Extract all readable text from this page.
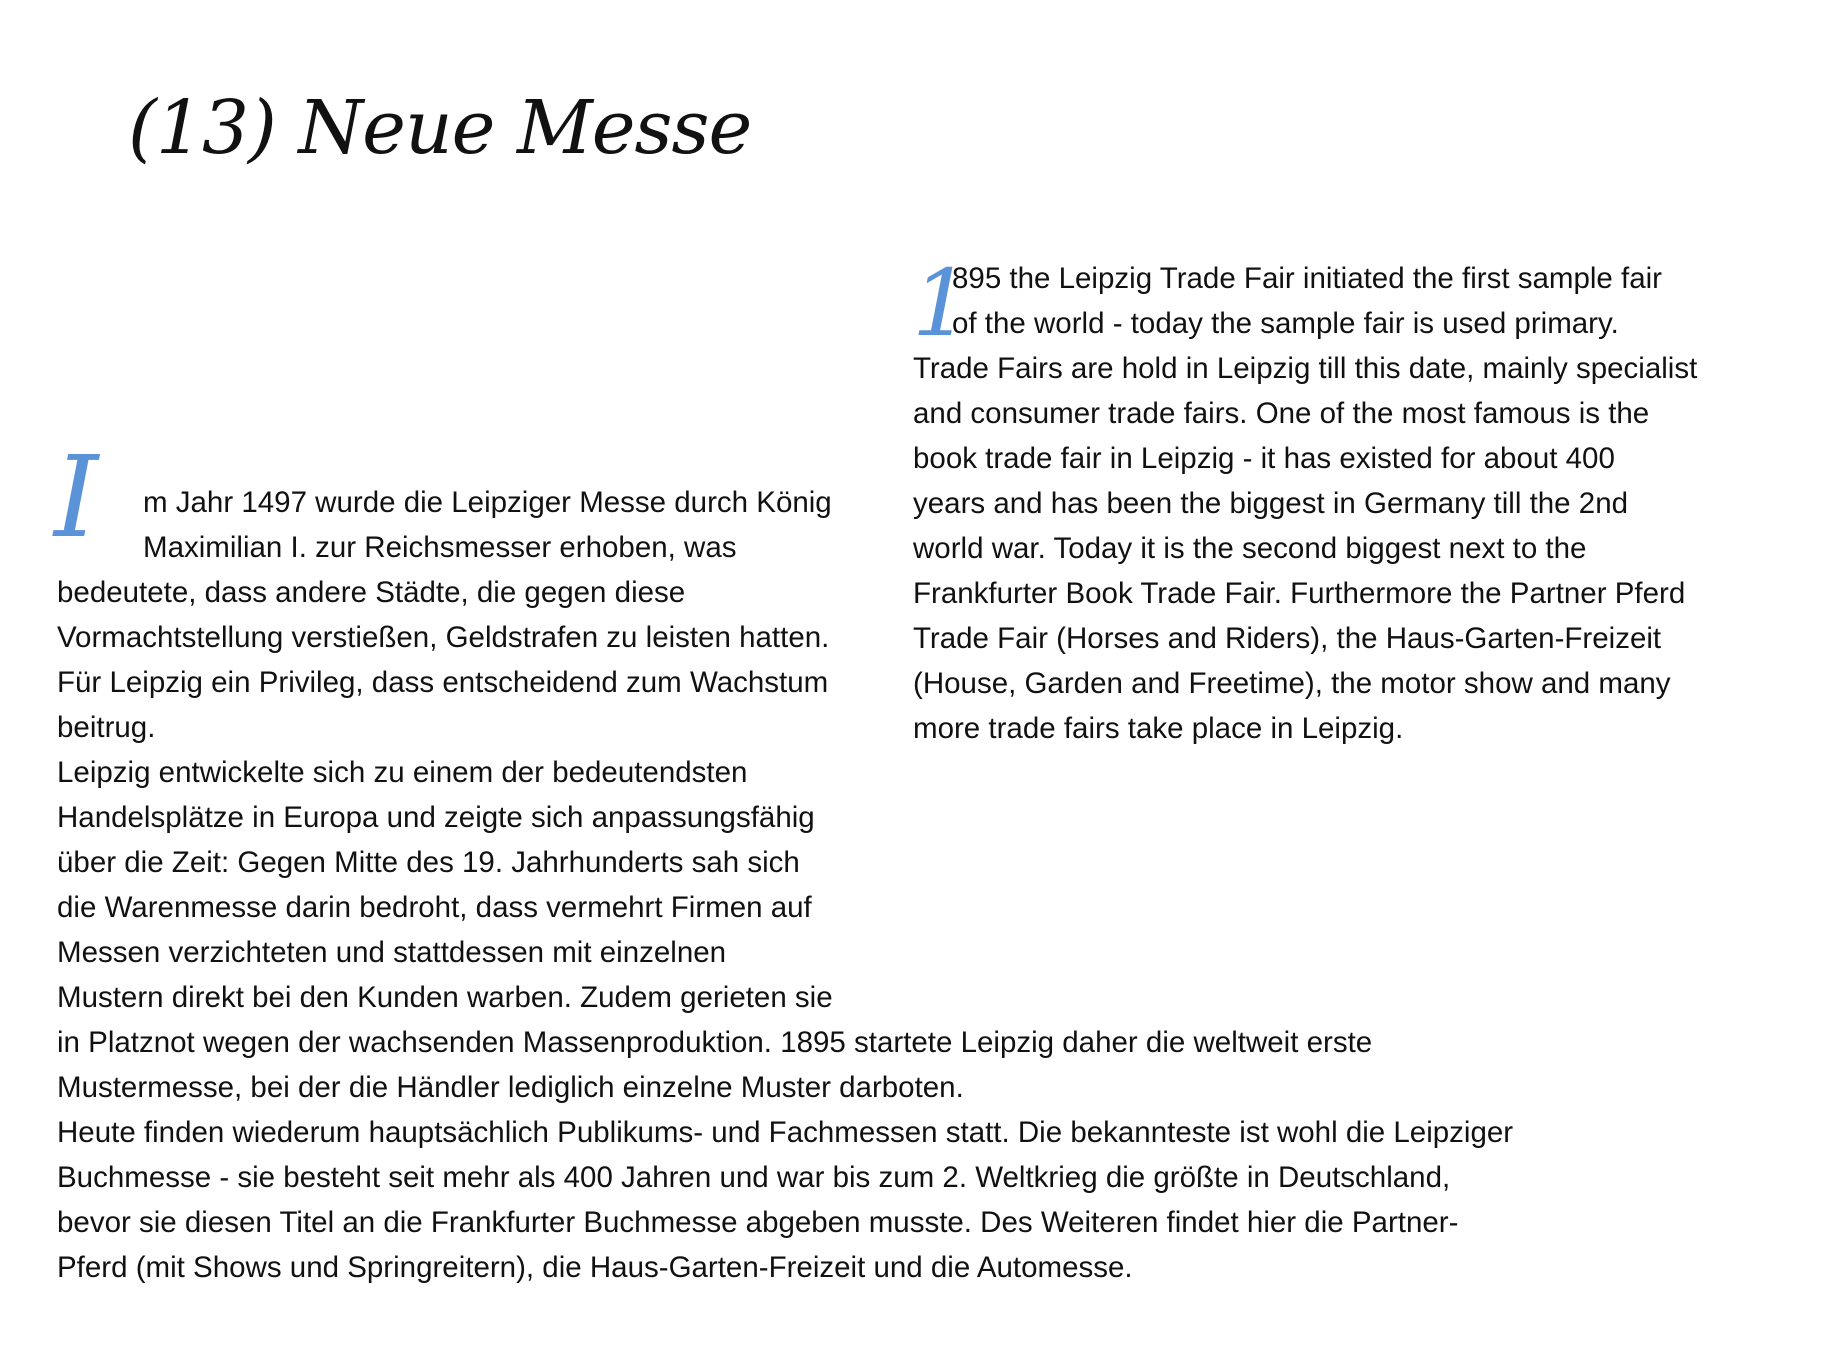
(13) Neue Messe
I m Jahr 1497 wurde die Leipziger Messe durch König
Maximilian I. zur Reichsmesser erhoben, was
bedeutete, dass andere Städte, die gegen diese
Vormachtstellung verstießen, Geldstrafen zu leisten hatten.
Für Leipzig ein Privileg, dass entscheidend zum Wachstum
beitrug.
Leipzig entwickelte sich zu einem der bedeutendsten
Handelsplätze in Europa und zeigte sich anpassungsfähig
über die Zeit: Gegen Mitte des 19. Jahrhunderts sah sich
die Warenmesse darin bedroht, dass vermehrt Firmen auf
Messen verzichteten und stattdessen mit einzelnen
Mustern direkt bei den Kunden warben. Zudem gerieten sie
in Platznot wegen der wachsenden Massenproduktion. 1895 startete Leipzig daher die weltweit erste
Mustermesse, bei der die Händler lediglich einzelne Muster darboten.
Heute finden wiederum hauptsächlich Publikums- und Fachmessen statt. Die bekannteste ist wohl die Leipziger
Buchmesse - sie besteht seit mehr als 400 Jahren und war bis zum 2. Weltkrieg die größte in Deutschland,
bevor sie diesen Titel an die Frankfurter Buchmesse abgeben musste. Des Weiteren findet hier die Partner-
Pferd (mit Shows und Springreitern), die Haus-Garten-Freizeit und die Automesse.
1
895 the Leipzig Trade Fair initiated the first sample fair
of the world - today the sample fair is used primary.
Trade Fairs are hold in Leipzig till this date, mainly specialist
and consumer trade fairs. One of the most famous is the
book trade fair in Leipzig - it has existed for about 400
years and has been the biggest in Germany till the 2nd
world war. Today it is the second biggest next to the
Frankfurter Book Trade Fair. Furthermore the Partner Pferd
Trade Fair (Horses and Riders), the Haus-Garten-Freizeit
(House, Garden and Freetime), the motor show and many
more trade fairs take place in Leipzig.
